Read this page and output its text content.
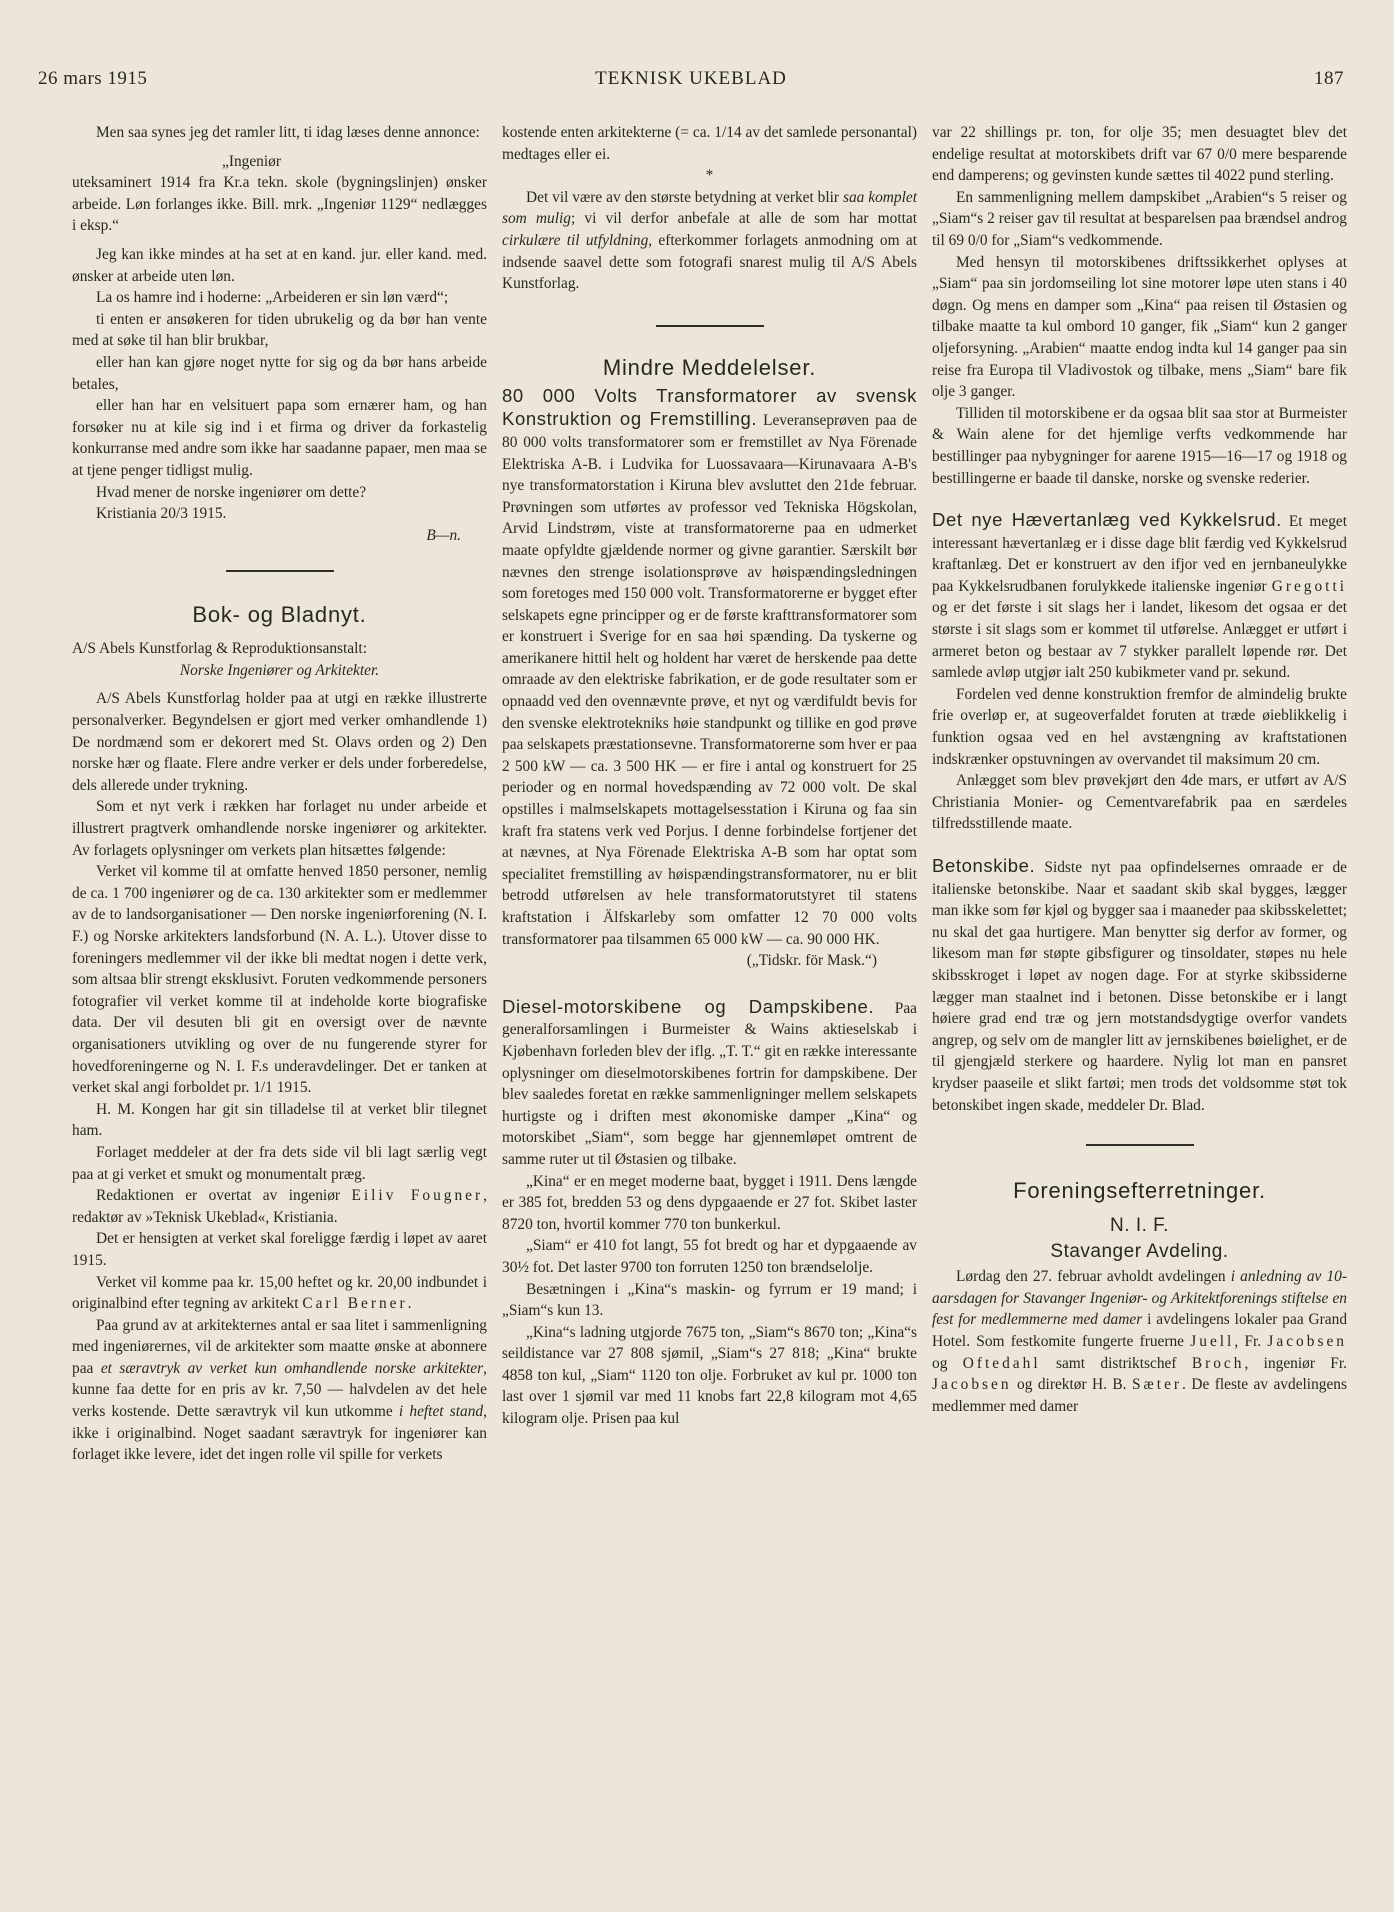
26 mars 1915	TEKNISK UKEBLAD	187

Men saa synes jeg det ramler litt, ti idag læses denne annonce:

„Ingeniør

uteksaminert 1914 fra Kr.a tekn. skole (bygningslinjen) ønsker arbeide. Løn forlanges ikke. Bill. mrk. „Ingeniør 1129“ nedlægges i eksp.“

Jeg kan ikke mindes at ha set at en kand. jur. eller kand. med. ønsker at arbeide uten løn.

La os hamre ind i hoderne: „Arbeideren er sin løn værd“;

ti enten er ansøkeren for tiden ubrukelig og da bør han vente med at søke til han blir brukbar,

eller han kan gjøre noget nytte for sig og da bør hans arbeide betales,

eller han har en velsituert papa som ernærer ham, og han forsøker nu at kile sig ind i et firma og driver da forkastelig konkurranse med andre som ikke har saadanne papaer, men maa se at tjene penger tidligst mulig.

Hvad mener de norske ingeniører om dette?

Kristiania 20/3 1915.

B—n.

Bok- og Bladnyt.

A/S Abels Kunstforlag & Reproduktionsanstalt:

Norske Ingeniører og Arkitekter.

A/S Abels Kunstforlag holder paa at utgi en række illustrerte personalverker. Begyndelsen er gjort med verker omhandlende 1) De nordmænd som er dekorert med St. Olavs orden og 2) Den norske hær og flaate. Flere andre verker er dels under forberedelse, dels allerede under trykning.

Som et nyt verk i rækken har forlaget nu under arbeide et illustrert pragtverk omhandlende norske ingeniører og arkitekter. Av forlagets oplysninger om verkets plan hitsættes følgende:

Verket vil komme til at omfatte henved 1850 personer, nemlig de ca. 1 700 ingeniører og de ca. 130 arkitekter som er medlemmer av de to landsorganisationer — Den norske ingeniørforening (N. I. F.) og Norske arkitekters landsforbund (N. A. L.). Utover disse to foreningers medlemmer vil der ikke bli medtat nogen i dette verk, som altsaa blir strengt eksklusivt. Foruten vedkommende personers fotografier vil verket komme til at indeholde korte biografiske data. Der vil desuten bli git en oversigt over de nævnte organisationers utvikling og over de nu fungerende styrer for hovedforeningerne og N. I. F.s underavdelinger. Det er tanken at verket skal angi forboldet pr. 1/1 1915.

H. M. Kongen har git sin tilladelse til at verket blir tilegnet ham.

Forlaget meddeler at der fra dets side vil bli lagt særlig vegt paa at gi verket et smukt og monumentalt præg.

Redaktionen er overtat av ingeniør Eiliv Fougner, redaktør av »Teknisk Ukeblad«, Kristiania.

Det er hensigten at verket skal foreligge færdig i løpet av aaret 1915.

Verket vil komme paa kr. 15,00 heftet og kr. 20,00 indbundet i originalbind efter tegning av arkitekt Carl Berner.

Paa grund av at arkitekternes antal er saa litet i sammenligning med ingeniørernes, vil de arkitekter som maatte ønske at abonnere paa et særavtryk av verket kun omhandlende norske arkitekter, kunne faa dette for en pris av kr. 7,50 — halvdelen av det hele verks kostende. Dette særavtryk vil kun utkomme i heftet stand, ikke i originalbind. Noget saadant særavtryk for ingeniører kan forlaget ikke levere, idet det ingen rolle vil spille for verkets

kostende enten arkitekterne (= ca. 1/14 av det samlede personantal) medtages eller ei.

*

Det vil være av den største betydning at verket blir saa komplet som mulig; vi vil derfor anbefale at alle de som har mottat cirkulære til utfyldning, efterkommer forlagets anmodning om at indsende saavel dette som fotografi snarest mulig til A/S Abels Kunstforlag.

Mindre Meddelelser.

80 000 Volts Transformatorer av svensk Konstruktion og Fremstilling. Leveranseprøven paa de 80 000 volts transformatorer som er fremstillet av Nya Förenade Elektriska A-B. i Ludvika for Luossavaara—Kirunavaara A-B's nye transformatorstation i Kiruna blev avsluttet den 21de februar. Prøvningen som utførtes av professor ved Tekniska Högskolan, Arvid Lindstrøm, viste at transformatorerne paa en udmerket maate opfyldte gjældende normer og givne garantier. Særskilt bør nævnes den strenge isolationsprøve av høispændingsledningen som foretoges med 150 000 volt. Transformatorerne er bygget efter selskapets egne principper og er de første krafttransformatorer som er konstruert i Sverige for en saa høi spænding. Da tyskerne og amerikanere hittil helt og holdent har været de herskende paa dette omraade av den elektriske fabrikation, er de gode resultater som er opnaadd ved den ovennævnte prøve, et nyt og værdifuldt bevis for den svenske elektrotekniks høie standpunkt og tillike en god prøve paa selskapets præstationsevne. Transformatorerne som hver er paa 2 500 kW — ca. 3 500 HK — er fire i antal og konstruert for 25 perioder og en normal hovedspænding av 72 000 volt. De skal opstilles i malmselskapets mottagelsesstation i Kiruna og faa sin kraft fra statens verk ved Porjus. I denne forbindelse fortjener det at nævnes, at Nya Förenade Elektriska A-B som har optat som specialitet fremstilling av høispændingstransformatorer, nu er blit betrodd utførelsen av hele transformatorutstyret til statens kraftstation i Älfskarleby som omfatter 12 70 000 volts transformatorer paa tilsammen 65 000 kW — ca. 90 000 HK.

(„Tidskr. för Mask.“)

Diesel-motorskibene og Dampskibene. Paa generalforsamlingen i Burmeister & Wains aktieselskab i Kjøbenhavn forleden blev der iflg. „T. T.“ git en række interessante oplysninger om dieselmotorskibenes fortrin for dampskibene. Der blev saaledes foretat en række sammenligninger mellem selskapets hurtigste og i driften mest økonomiske damper „Kina“ og motorskibet „Siam“, som begge har gjennemløpet omtrent de samme ruter ut til Østasien og tilbake.

„Kina“ er en meget moderne baat, bygget i 1911. Dens længde er 385 fot, bredden 53 og dens dypgaaende er 27 fot. Skibet laster 8720 ton, hvortil kommer 770 ton bunkerkul.

„Siam“ er 410 fot langt, 55 fot bredt og har et dypgaaende av 30½ fot. Det laster 9700 ton forruten 1250 ton brændselolje.

Besætningen i „Kina“s maskin- og fyrrum er 19 mand; i „Siam“s kun 13.

„Kina“s ladning utgjorde 7675 ton, „Siam“s 8670 ton; „Kina“s seildistance var 27 808 sjømil, „Siam“s 27 818; „Kina“ brukte 4858 ton kul, „Siam“ 1120 ton olje. Forbruket av kul pr. 1000 ton last over 1 sjømil var med 11 knobs fart 22,8 kilogram mot 4,65 kilogram olje. Prisen paa kul

var 22 shillings pr. ton, for olje 35; men desuagtet blev det endelige resultat at motorskibets drift var 67 0/0 mere besparende end damperens; og gevinsten kunde sættes til 4022 pund sterling.

En sammenligning mellem dampskibet „Arabien“s 5 reiser og „Siam“s 2 reiser gav til resultat at besparelsen paa brændsel androg til 69 0/0 for „Siam“s vedkommende.

Med hensyn til motorskibenes driftssikkerhet oplyses at „Siam“ paa sin jordomseiling lot sine motorer løpe uten stans i 40 døgn. Og mens en damper som „Kina“ paa reisen til Østasien og tilbake maatte ta kul ombord 10 ganger, fik „Siam“ kun 2 ganger oljeforsyning. „Arabien“ maatte endog indta kul 14 ganger paa sin reise fra Europa til Vladivostok og tilbake, mens „Siam“ bare fik olje 3 ganger.

Tilliden til motorskibene er da ogsaa blit saa stor at Burmeister & Wain alene for det hjemlige verfts vedkommende har bestillinger paa nybygninger for aarene 1915—16—17 og 1918 og bestillingerne er baade til danske, norske og svenske rederier.

Det nye Hævertanlæg ved Kykkelsrud. Et meget interessant hævertanlæg er i disse dage blit færdig ved Kykkelsrud kraftanlæg. Det er konstruert av den ifjor ved en jernbaneulykke paa Kykkelsrudbanen forulykkede italienske ingeniør Gregotti og er det første i sit slags her i landet, likesom det ogsaa er det største i sit slags som er kommet til utførelse. Anlægget er utført i armeret beton og bestaar av 7 stykker parallelt løpende rør. Det samlede avløp utgjør ialt 250 kubikmeter vand pr. sekund.

Fordelen ved denne konstruktion fremfor de almindelig brukte frie overløp er, at sugeoverfaldet foruten at træde øieblikkelig i funktion ogsaa ved en hel avstængning av kraftstationen indskrænker opstuvningen av overvandet til maksimum 20 cm.

Anlægget som blev prøvekjørt den 4de mars, er utført av A/S Christiania Monier- og Cementvarefabrik paa en særdeles tilfredsstillende maate.

Betonskibe. Sidste nyt paa opfindelsernes omraade er de italienske betonskibe. Naar et saadant skib skal bygges, lægger man ikke som før kjøl og bygger saa i maaneder paa skibsskelettet; nu skal det gaa hurtigere. Man benytter sig derfor av former, og likesom man før støpte gibsfigurer og tinsoldater, støpes nu hele skibsskroget i løpet av nogen dage. For at styrke skibssiderne lægger man staalnet ind i betonen. Disse betonskibe er i langt høiere grad end træ og jern motstandsdygtige overfor vandets angrep, og selv om de mangler litt av jernskibenes bøielighet, er de til gjengjæld sterkere og haardere. Nylig lot man en pansret krydser paaseile et slikt fartøi; men trods det voldsomme støt tok betonskibet ingen skade, meddeler Dr. Blad.

Foreningsefterretninger.
N. I. F.
Stavanger Avdeling.

Lørdag den 27. februar avholdt avdelingen i anledning av 10-aarsdagen for Stavanger Ingeniør- og Arkitektforenings stiftelse en fest for medlemmerne med damer i avdelingens lokaler paa Grand Hotel. Som festkomite fungerte fruerne Juell, Fr. Jacobsen og Oftedahl samt distriktschef Broch, ingeniør Fr. Jacobsen og direktør H. B. Sæter. De fleste av avdelingens medlemmer med damer
